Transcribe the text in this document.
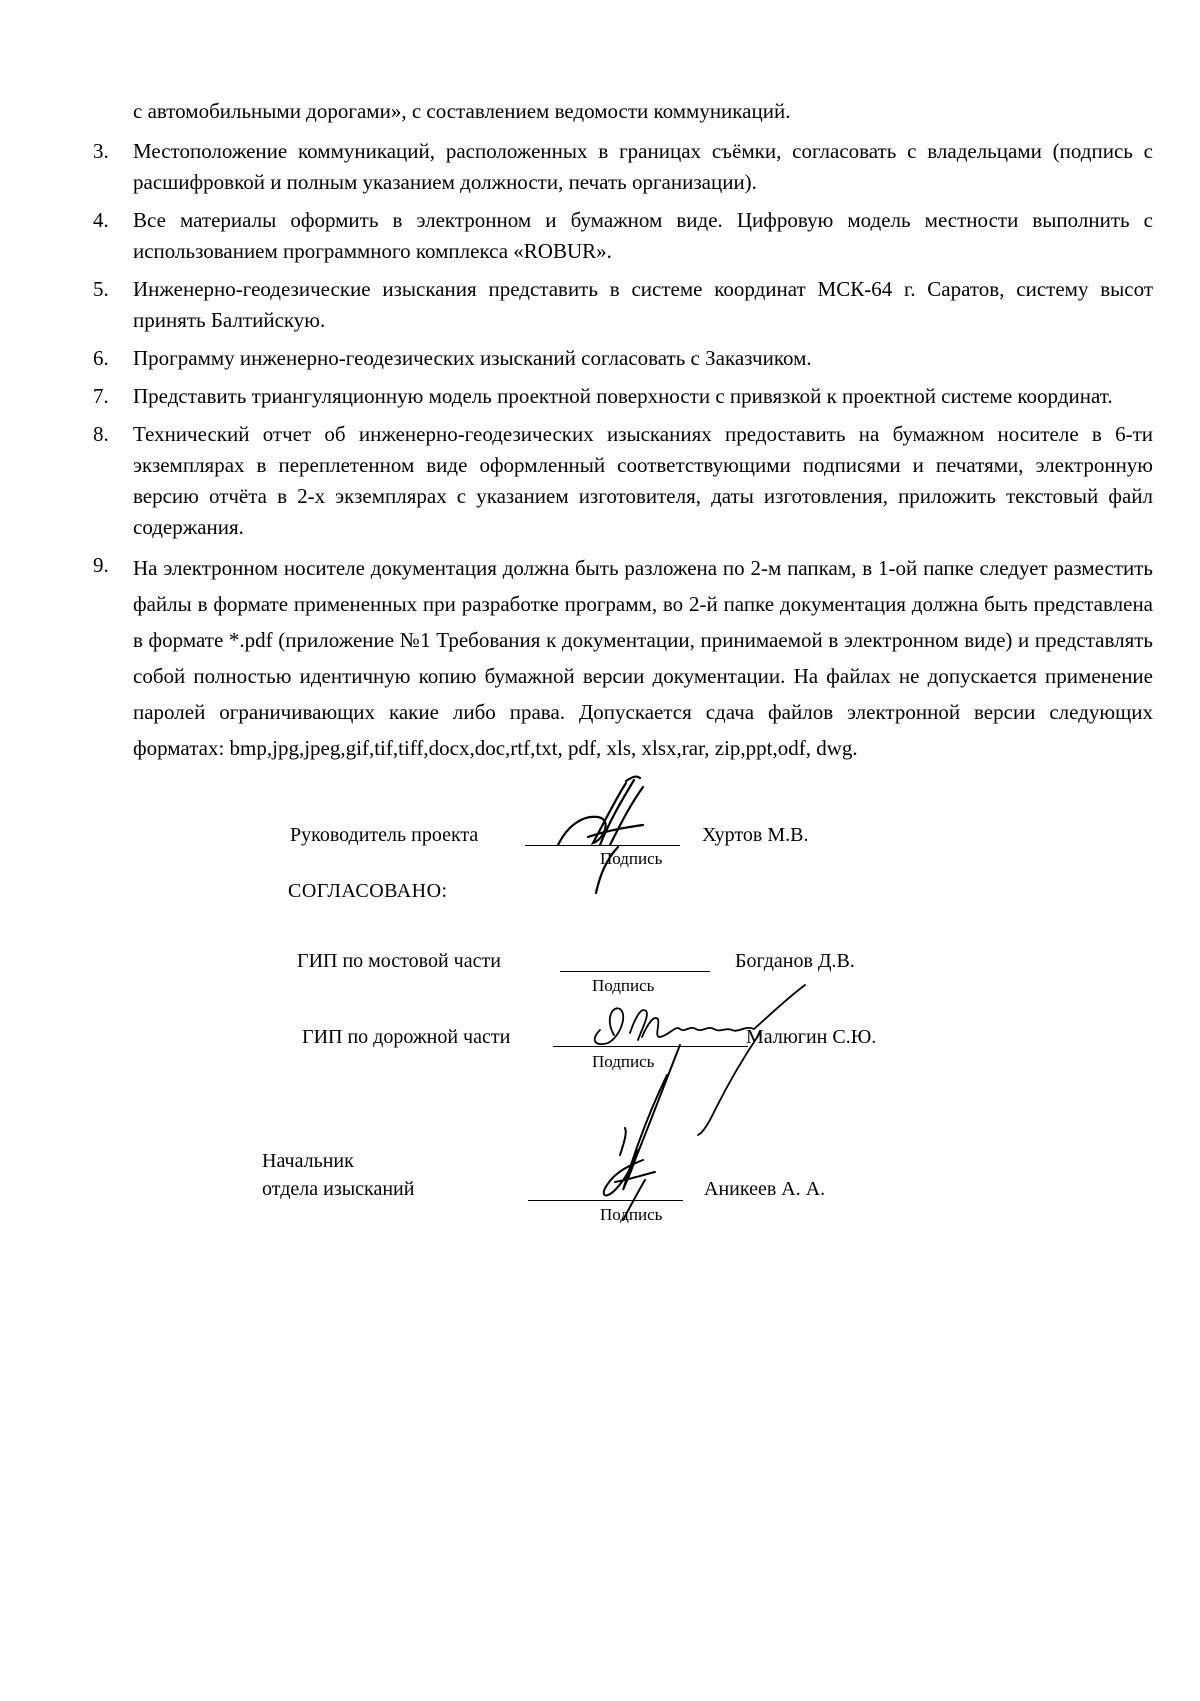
с автомобильными дорогами», с составлением ведомости коммуникаций.
3.	Местоположение коммуникаций, расположенных в границах съёмки, согласовать с владельцами (подпись с расшифровкой и полным указанием должности, печать организации).
4.	Все материалы оформить в электронном и бумажном виде. Цифровую модель местности выполнить с использованием программного комплекса «ROBUR».
5.	Инженерно-геодезические изыскания представить в системе координат МСК-64 г. Саратов, систему высот принять Балтийскую.
6.	Программу инженерно-геодезических изысканий согласовать с Заказчиком.
7.	Представить триангуляционную модель проектной поверхности с привязкой к проектной системе координат.
8.	Технический отчет об инженерно-геодезических изысканиях предоставить на бумажном носителе в 6-ти экземплярах в переплетенном виде оформленный соответствующими подписями и печатями, электронную версию отчёта в 2-х экземплярах с указанием изготовителя, даты изготовления, приложить текстовый файл содержания.
9.	На электронном носителе документация должна быть разложена по 2-м папкам, в 1-ой папке следует разместить файлы в формате примененных при разработке программ, во 2-й папке документация должна быть представлена в формате *.pdf (приложение №1 Требования к документации, принимаемой в электронном виде) и представлять собой полностью идентичную копию бумажной версии документации. На файлах не допускается применение паролей ограничивающих какие либо права. Допускается сдача файлов электронной версии следующих форматах: bmp,jpg,jpeg,gif,tif,tiff,docx,doc,rtf,txt, pdf, xls, xlsx,rar, zip,ppt,odf, dwg.
Руководитель проекта
Подпись
Хуртов М.В.
СОГЛАСОВАНО:
ГИП по мостовой части
Подпись
Богданов Д.В.
ГИП по дорожной части
Подпись
Малюгин С.Ю.
Начальник
отдела изысканий
Подпись
Аникеев А. А.
